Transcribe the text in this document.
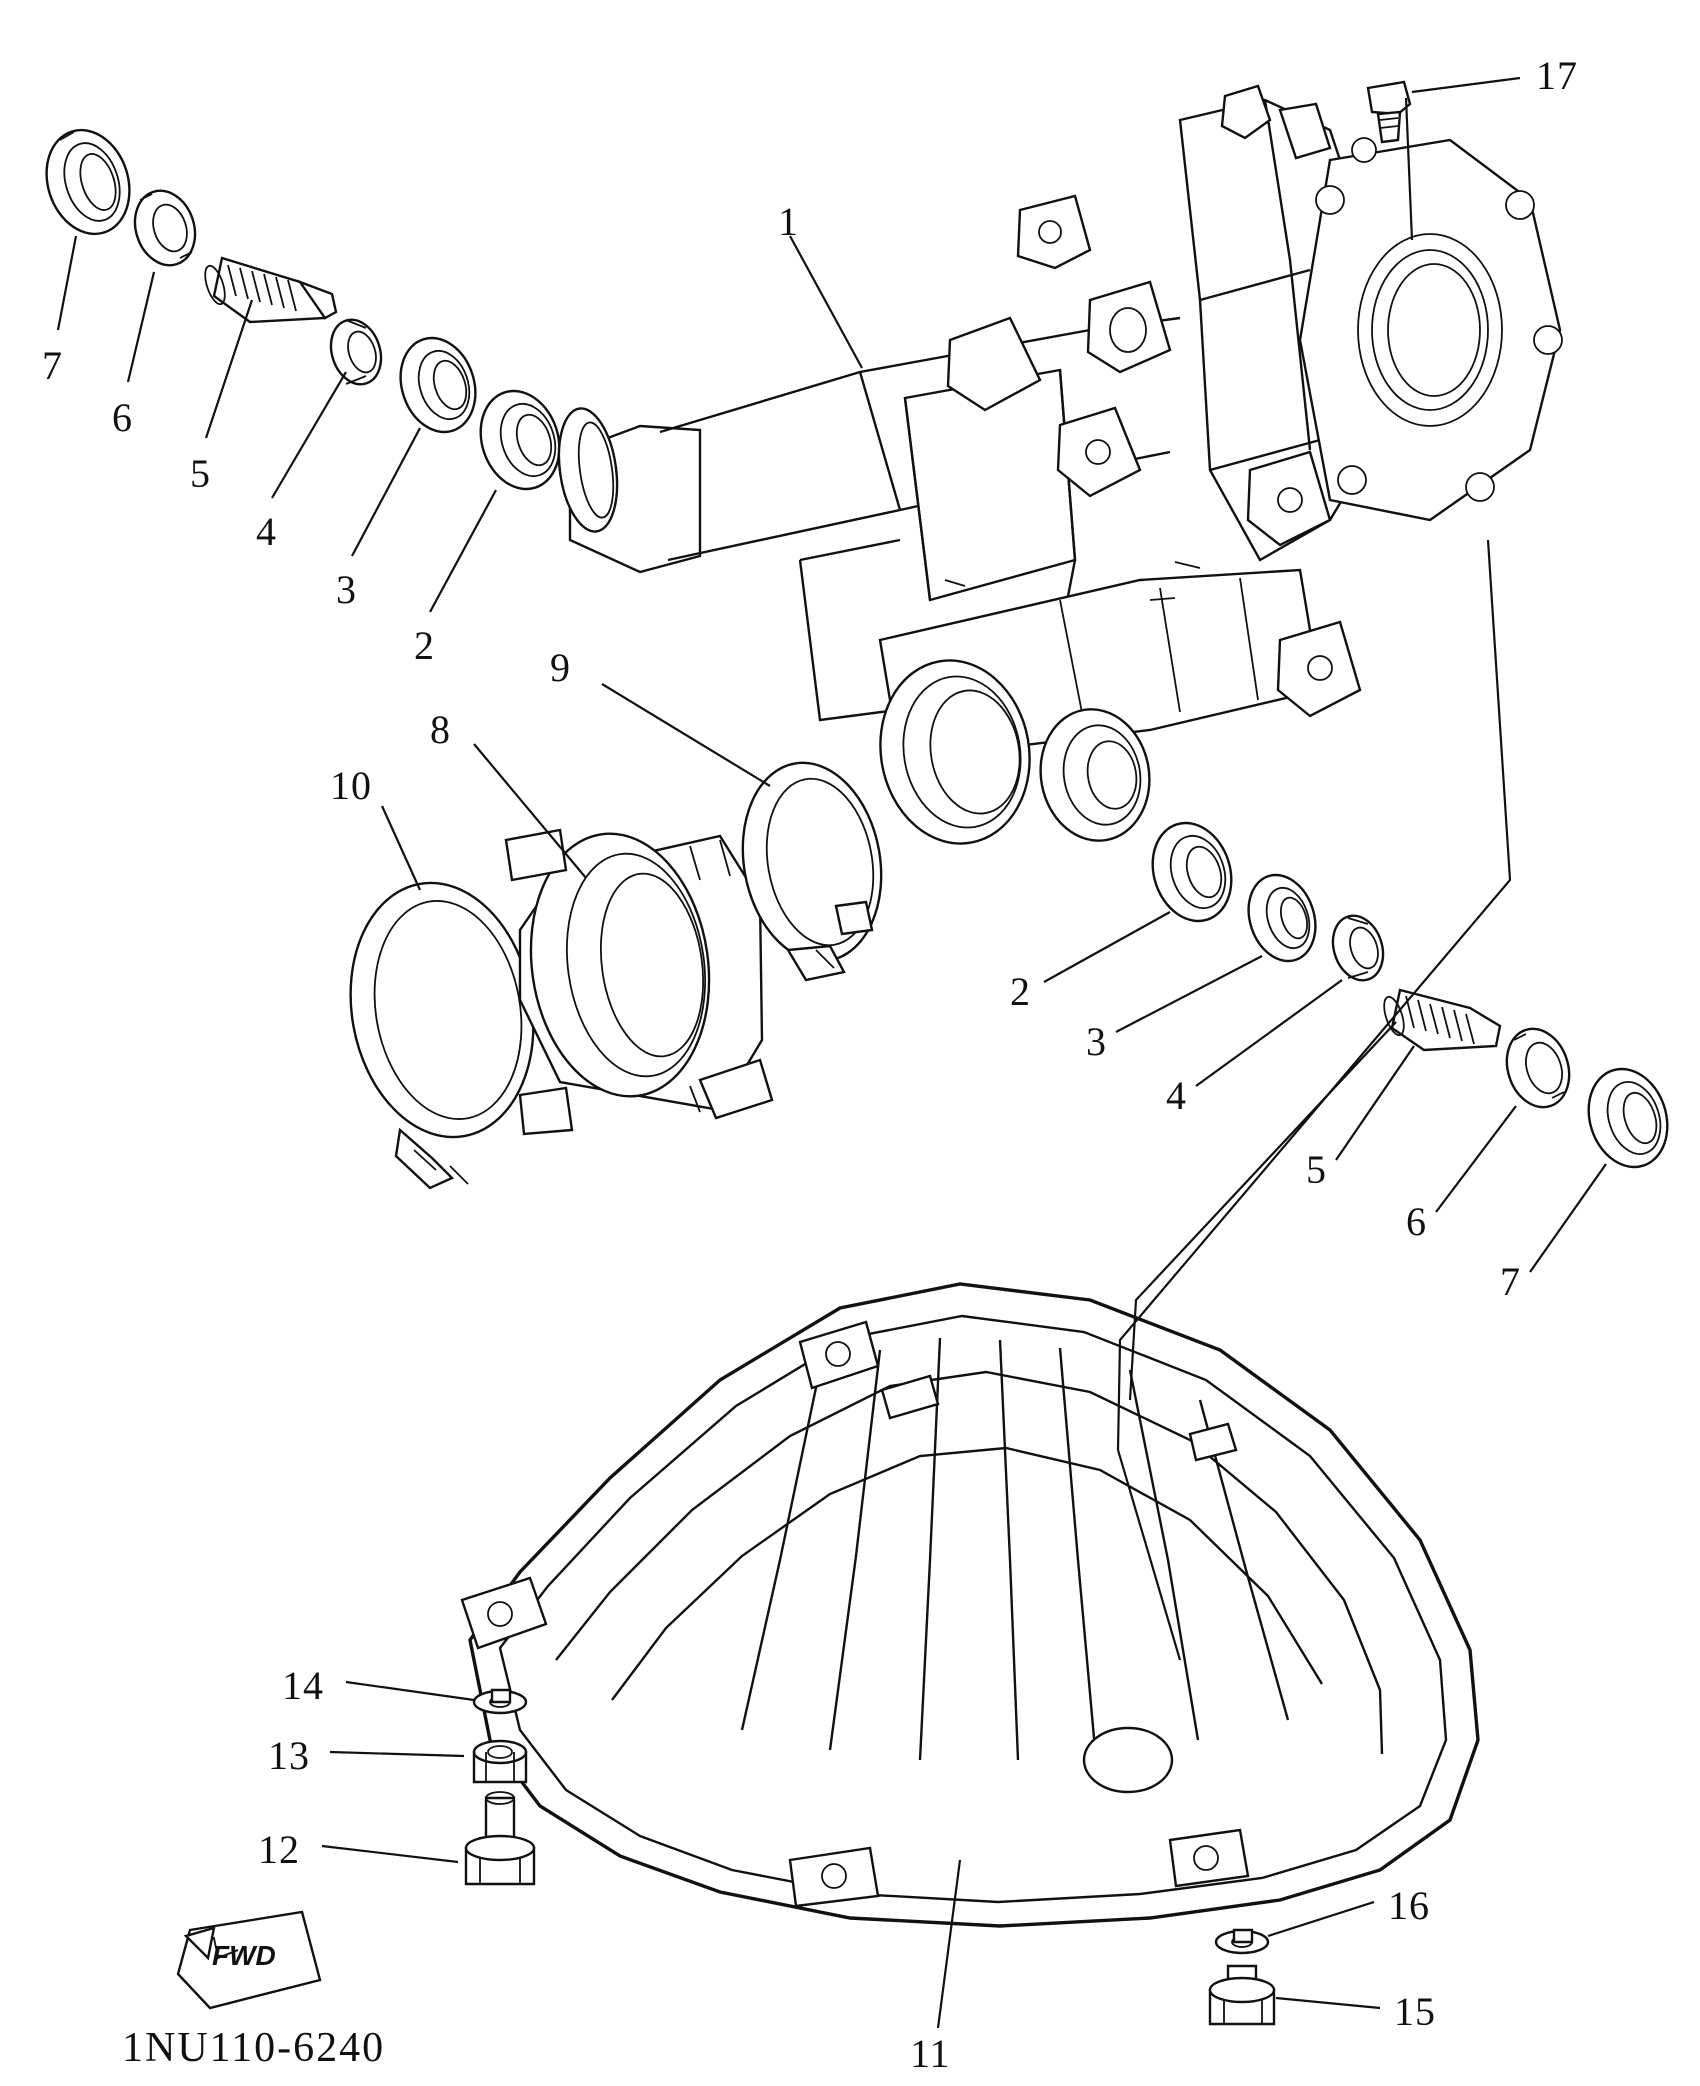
7
6
5
4
3
2
1
17
9
8
10
2
3
4
5
6
7
14
13
12
16
15
11
FWD
1NU110-6240
